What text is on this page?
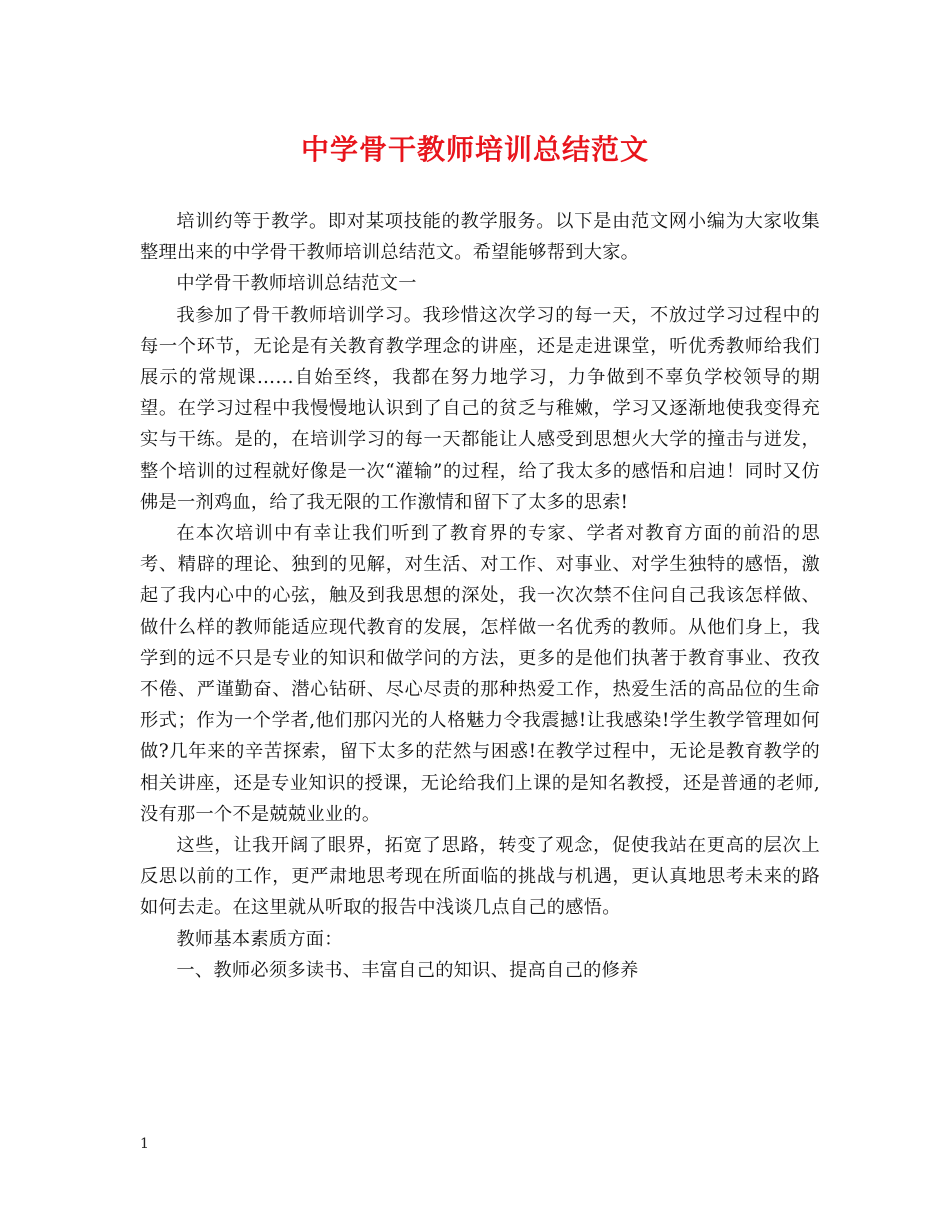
中学骨干教师培训总结范文

培训约等于教学。即对某项技能的教学服务。以下是由范文网小编为大家收集整理出来的中学骨干教师培训总结范文。希望能够帮到大家。

中学骨干教师培训总结范文一

我参加了骨干教师培训学习。我珍惜这次学习的每一天，不放过学习过程中的每一个环节，无论是有关教育教学理念的讲座，还是走进课堂，听优秀教师给我们展示的常规课……自始至终，我都在努力地学习，力争做到不辜负学校领导的期望。在学习过程中我慢慢地认识到了自己的贫乏与稚嫩，学习又逐渐地使我变得充实与干练。是的，在培训学习的每一天都能让人感受到思想火大学的撞击与迸发，整个培训的过程就好像是一次“灌输”的过程，给了我太多的感悟和启迪！同时又仿佛是一剂鸡血，给了我无限的工作激情和留下了太多的思索!

在本次培训中有幸让我们听到了教育界的专家、学者对教育方面的前沿的思考、精辟的理论、独到的见解，对生活、对工作、对事业、对学生独特的感悟，激起了我内心中的心弦，触及到我思想的深处，我一次次禁不住问自己我该怎样做、做什么样的教师能适应现代教育的发展，怎样做一名优秀的教师。从他们身上，我学到的远不只是专业的知识和做学问的方法，更多的是他们执著于教育事业、孜孜不倦、严谨勤奋、潜心钻研、尽心尽责的那种热爱工作，热爱生活的高品位的生命形式；作为一个学者,他们那闪光的人格魅力令我震撼!让我感染!学生教学管理如何做?几年来的辛苦探索，留下太多的茫然与困惑!在教学过程中，无论是教育教学的相关讲座，还是专业知识的授课，无论给我们上课的是知名教授，还是普通的老师,没有那一个不是兢兢业业的。

这些，让我开阔了眼界，拓宽了思路，转变了观念，促使我站在更高的层次上反思以前的工作，更严肃地思考现在所面临的挑战与机遇，更认真地思考未来的路如何去走。在这里就从听取的报告中浅谈几点自己的感悟。

教师基本素质方面：

一、教师必须多读书、丰富自己的知识、提高自己的修养

1
